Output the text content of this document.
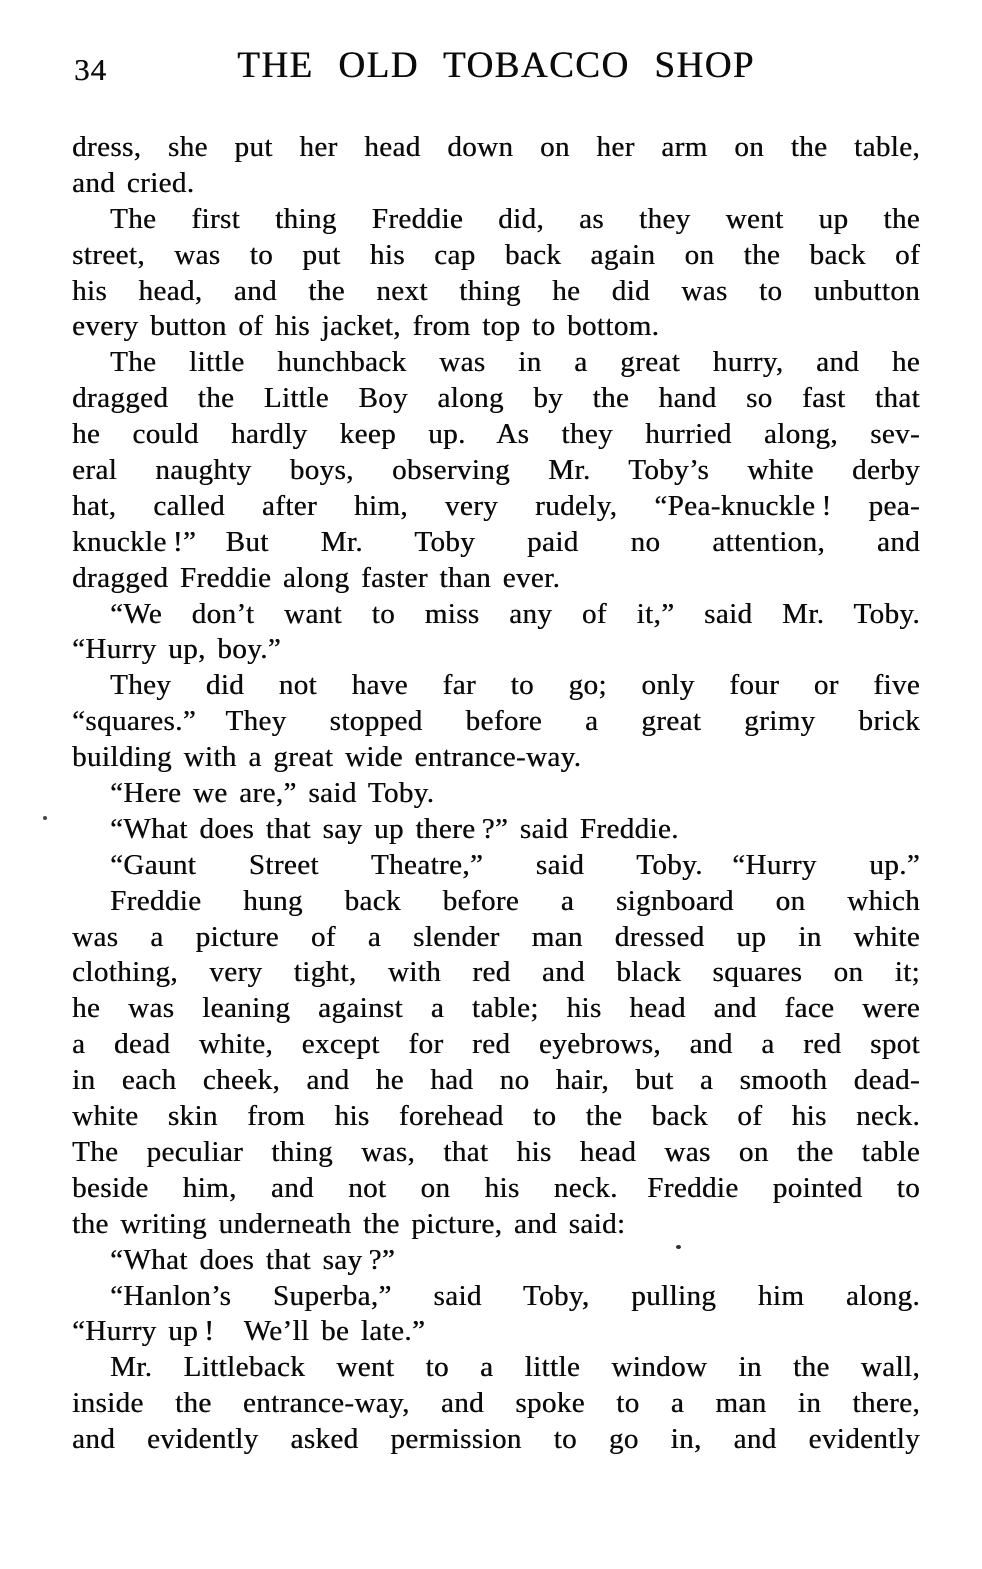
34	THE OLD TOBACCO SHOP
dress, she put her head down on her arm on the table,
and cried.
The first thing Freddie did, as they went up the
street, was to put his cap back again on the back of
his head, and the next thing he did was to unbutton
every button of his jacket, from top to bottom.
The little hunchback was in a great hurry, and he
dragged the Little Boy along by the hand so fast that
he could hardly keep up. As they hurried along, sev-
eral naughty boys, observing Mr. Toby’s white derby
hat, called after him, very rudely, “Pea-knuckle ! pea-
knuckle !” But Mr. Toby paid no attention, and
dragged Freddie along faster than ever.
“We don’t want to miss any of it,” said Mr. Toby.
“Hurry up, boy.”
They did not have far to go; only four or five
“squares.” They stopped before a great grimy brick
building with a great wide entrance-way.
“Here we are,” said Toby.
“What does that say up there ?” said Freddie.
“Gaunt Street Theatre,” said Toby. “Hurry up.”
Freddie hung back before a signboard on which
was a picture of a slender man dressed up in white
clothing, very tight, with red and black squares on it;
he was leaning against a table; his head and face were
a dead white, except for red eyebrows, and a red spot
in each cheek, and he had no hair, but a smooth dead-
white skin from his forehead to the back of his neck.
The peculiar thing was, that his head was on the table
beside him, and not on his neck. Freddie pointed to
the writing underneath the picture, and said:
“What does that say ?”
“Hanlon’s Superba,” said Toby, pulling him along.
“Hurry up ! We’ll be late.”
Mr. Littleback went to a little window in the wall,
inside the entrance-way, and spoke to a man in there,
and evidently asked permission to go in, and evidently
